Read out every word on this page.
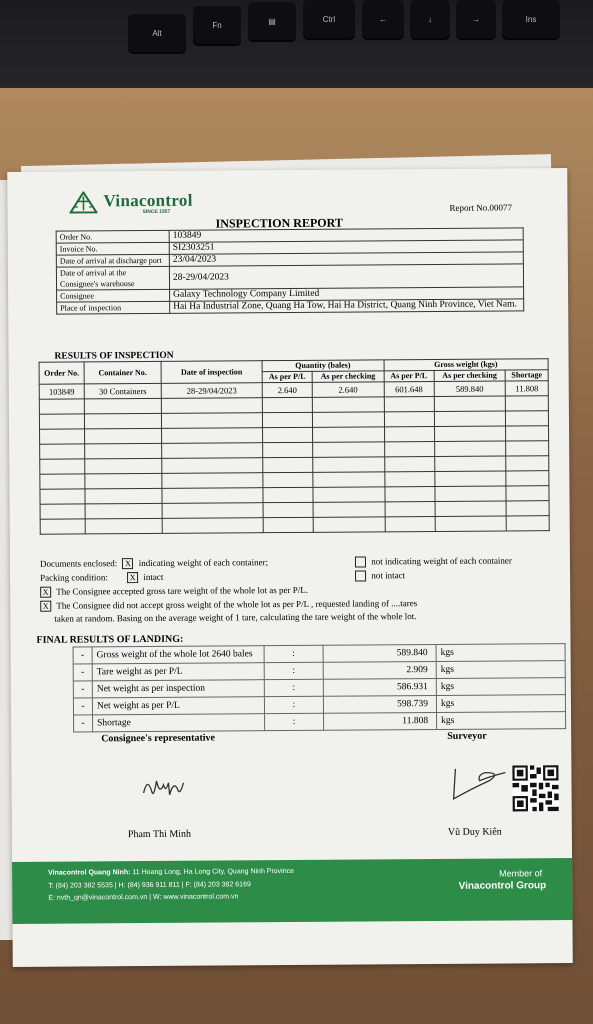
Alt
Fn	▤	Ctrl	←	↓	→	Ins
Vinacontrol
SINCE 1957	Report No.00077
INSPECTION REPORT
Order No.	103849
Invoice No.	SI2303251
Date of arrival at discharge port	23/04/2023
Date of arrival at the Consignee's warehouse	28-29/04/2023
Consignee	Galaxy Technology Company Limited
Place of inspection	Hai Ha Industrial Zone, Quang Ha Tow, Hai Ha District, Quang Ninh Province, Viet Nam.
RESULTS OF INSPECTION
Order No.	Container No.	Date of inspection	Quantity (bales)		Gross weight (kgs)		
			As per P/L	As per checking	As per P/L	As per checking	Shortage
103849	30 Containers	28-29/04/2023	2.640	2.640	601.648	589.840	11.808

Documents enclosed: X indicating weight of each container;	not indicating weight of each container
Packing condition:	X intact	not intact
X The Consignee accepted gross tare weight of the whole lot as per P/L.
X The Consignee did not accept gross weight of the whole lot as per P/L , requested landing of ....tares
taken at random. Basing on the average weight of 1 tare, calculating the tare weight of the whole lot.
FINAL RESULTS OF LANDING:
-	Gross weight of the whole lot 2640 bales	:	589.840	kgs
-	Tare weight as per P/L	:	2.909	kgs
-	Net weight as per inspection	:	586.931	kgs
-	Net weight as per P/L	:	598.739	kgs
-	Shortage	:	11.808	kgs
Consignee's representative	Surveyor
Pham Thi Minh	Vũ Duy Kiên
Vinacontrol Quang Ninh: 11 Hoang Long, Ha Long City, Quang Ninh Province
T: (84) 203 382 5535 | H: (84) 936 911 811 | F: (84) 203 382 6169
E: nvth_qn@vinacontrol.com.vn | W: www.vinacontrol.com.vn
Member of
Vinacontrol Group
